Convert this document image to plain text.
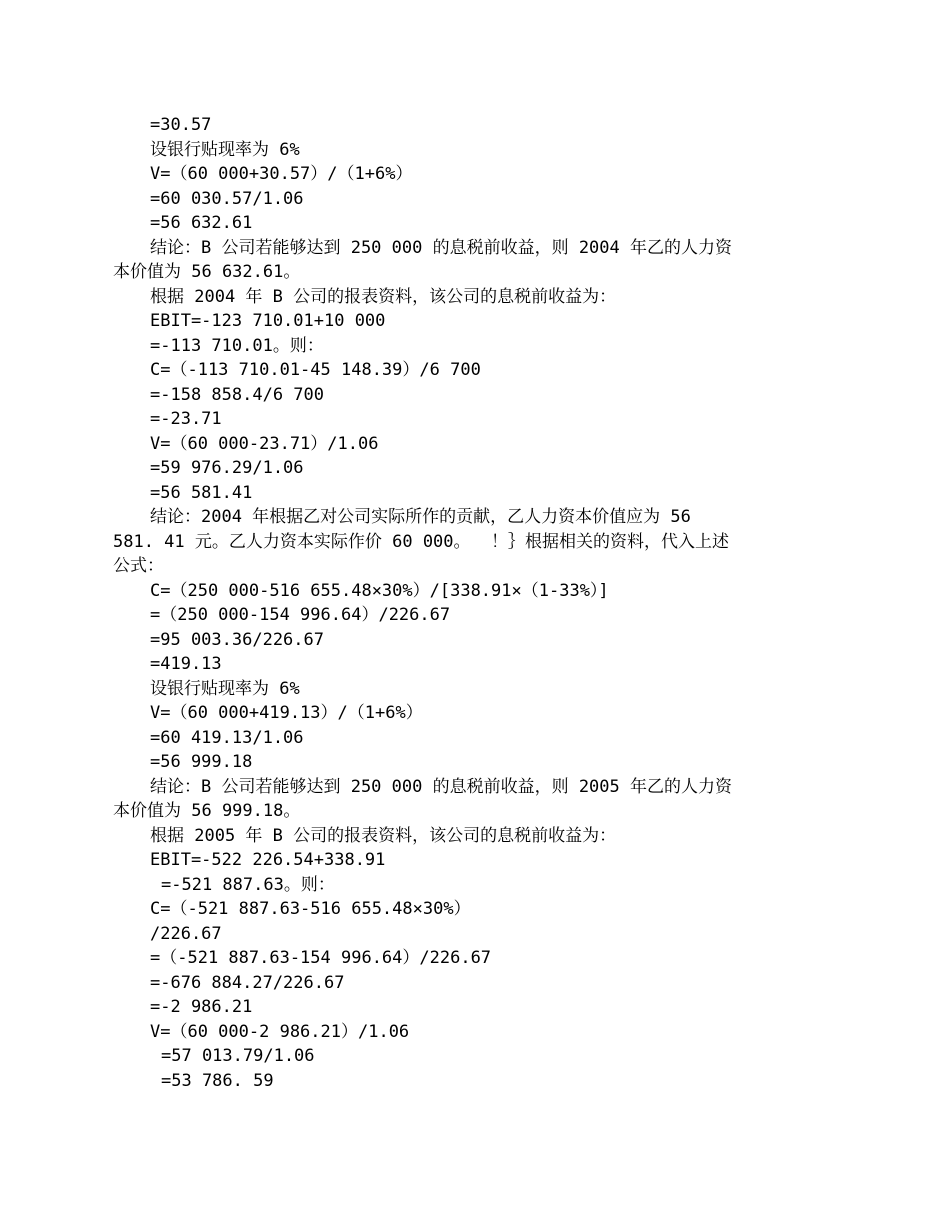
=30.57
设银行贴现率为 6%
V=（60 000+30.57）/（1+6%）
=60 030.57/1.06
=56 632.61
结论：B 公司若能够达到 250 000 的息税前收益，则 2004 年乙的人力资
本价值为 56 632.61。
根据 2004 年 B 公司的报表资料，该公司的息税前收益为：
EBIT=-123 710.01+10 000
=-113 710.01。则：
C=（-113 710.01-45 148.39）/6 700
=-158 858.4/6 700
=-23.71
V=（60 000-23.71）/1.06
=59 976.29/1.06
=56 581.41
结论：2004 年根据乙对公司实际所作的贡献，乙人力资本价值应为 56
581. 41 元。乙人力资本实际作价 60 000。  ！｝根据相关的资料，代入上述
公式：
C=（250 000-516 655.48×30%）/[338.91×（1-33%）]
=（250 000-154 996.64）/226.67
=95 003.36/226.67
=419.13
设银行贴现率为 6%
V=（60 000+419.13）/（1+6%）
=60 419.13/1.06
=56 999.18
结论：B 公司若能够达到 250 000 的息税前收益，则 2005 年乙的人力资
本价值为 56 999.18。
根据 2005 年 B 公司的报表资料，该公司的息税前收益为：
EBIT=-522 226.54+338.91
=-521 887.63。则：
C=（-521 887.63-516 655.48×30%）
/226.67
=（-521 887.63-154 996.64）/226.67
=-676 884.27/226.67
=-2 986.21
V=（60 000-2 986.21）/1.06
=57 013.79/1.06
=53 786. 59
